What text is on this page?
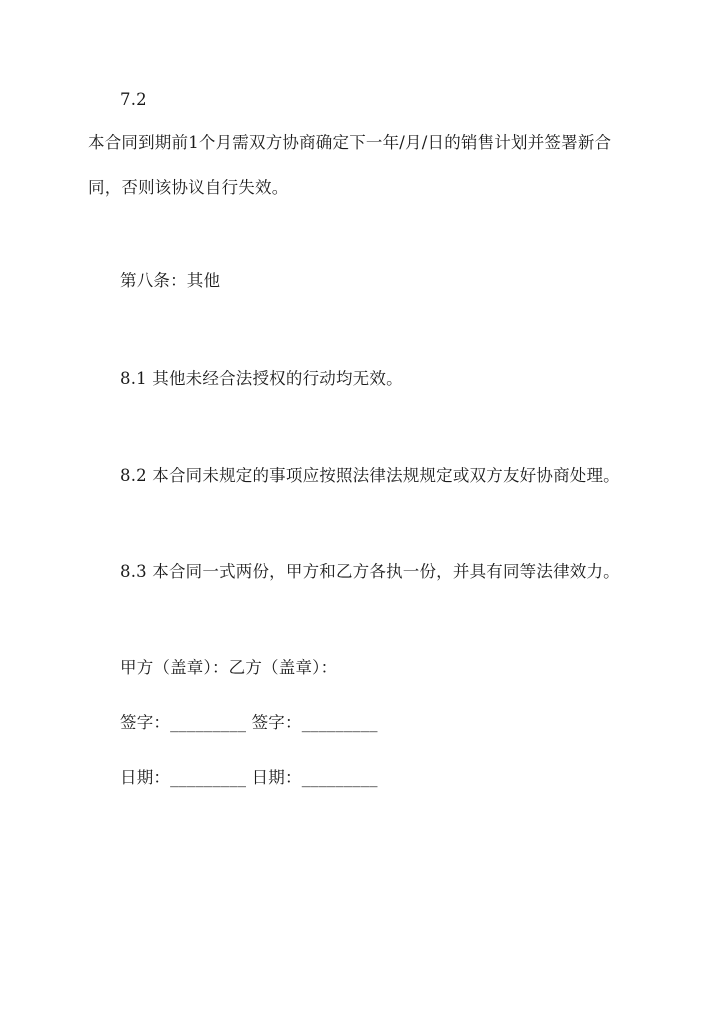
7.2

本合同到期前1个月需双方协商确定下一年/月/日的销售计划并签署新合

同，否则该协议自行失效。

第八条：其他

8.1 其他未经合法授权的行动均无效。

8.2 本合同未规定的事项应按照法律法规规定或双方友好协商处理。

8.3 本合同一式两份，甲方和乙方各执一份，并具有同等法律效力。

甲方（盖章）：乙方（盖章）：

签字：_________ 签字：_________

日期：_________ 日期：_________
